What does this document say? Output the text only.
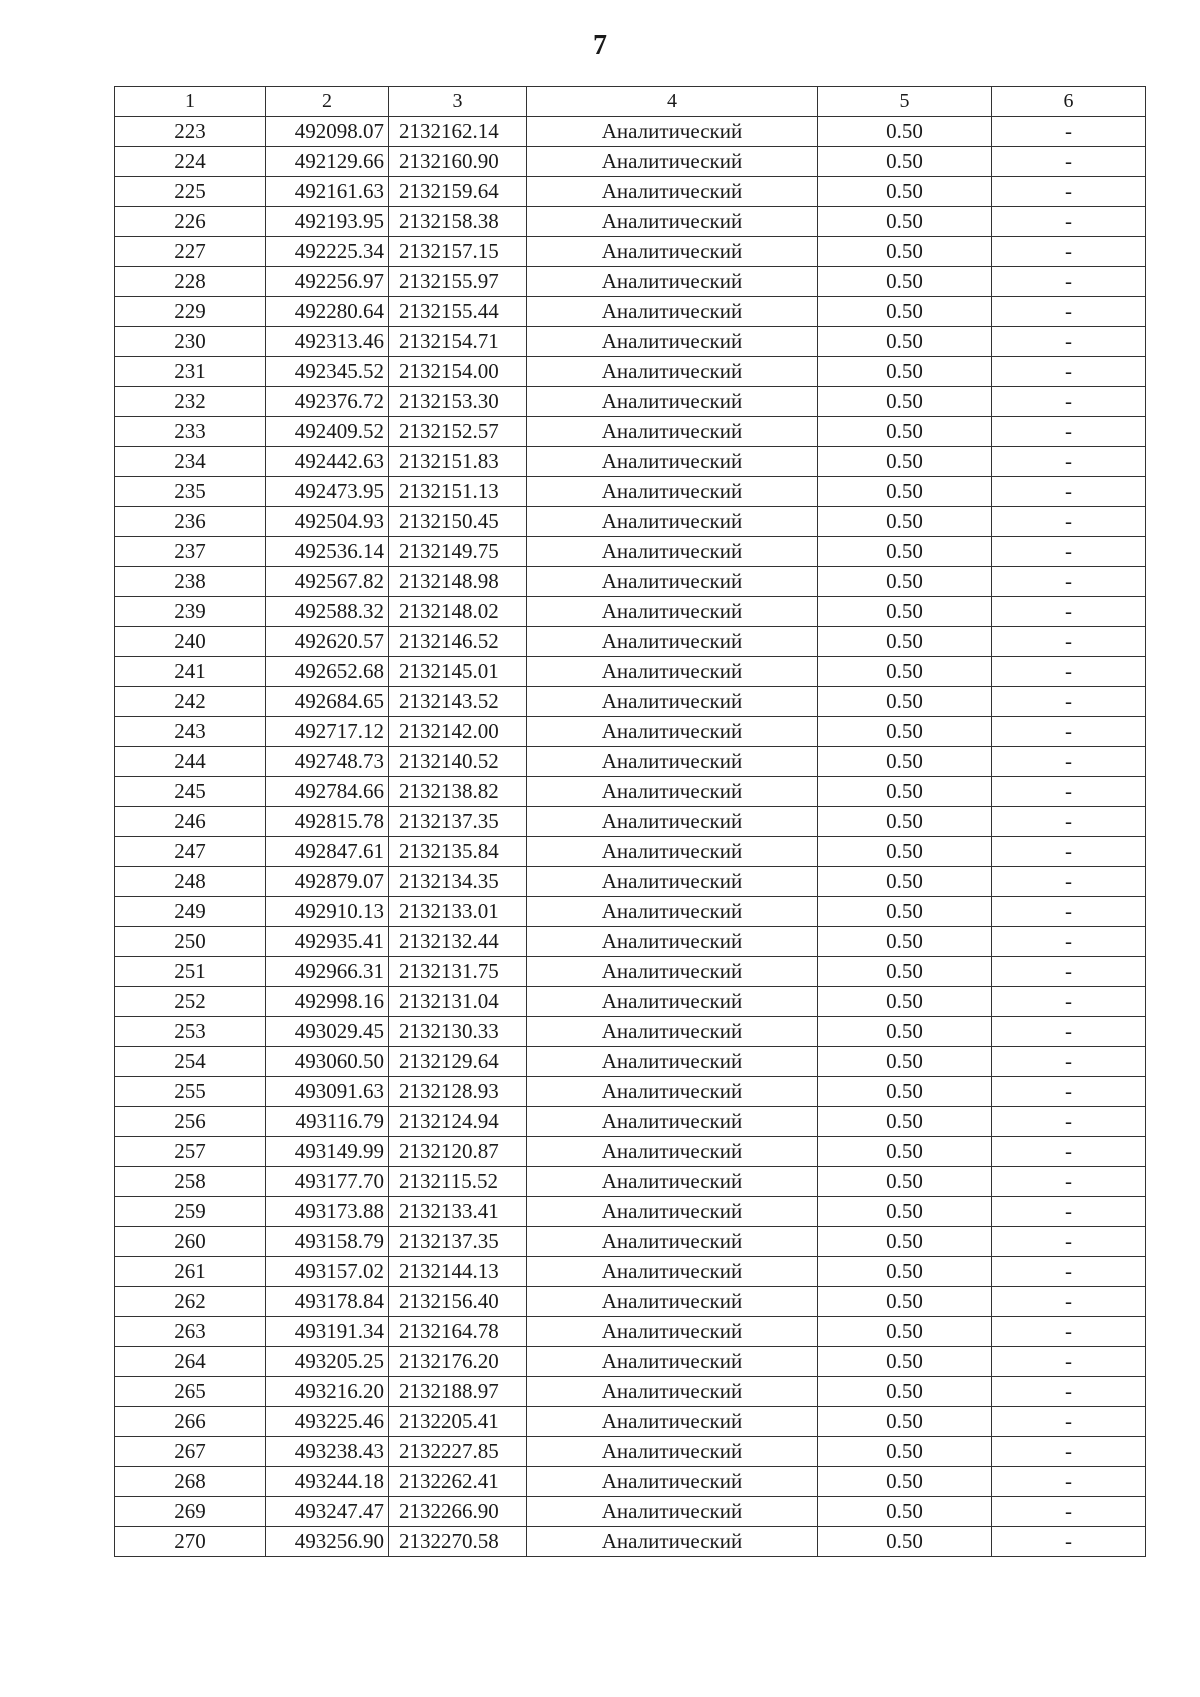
7
1	2	3	4	5	6
223	492098.07	2132162.14	Аналитический	0.50	-
224	492129.66	2132160.90	Аналитический	0.50	-
225	492161.63	2132159.64	Аналитический	0.50	-
226	492193.95	2132158.38	Аналитический	0.50	-
227	492225.34	2132157.15	Аналитический	0.50	-
228	492256.97	2132155.97	Аналитический	0.50	-
229	492280.64	2132155.44	Аналитический	0.50	-
230	492313.46	2132154.71	Аналитический	0.50	-
231	492345.52	2132154.00	Аналитический	0.50	-
232	492376.72	2132153.30	Аналитический	0.50	-
233	492409.52	2132152.57	Аналитический	0.50	-
234	492442.63	2132151.83	Аналитический	0.50	-
235	492473.95	2132151.13	Аналитический	0.50	-
236	492504.93	2132150.45	Аналитический	0.50	-
237	492536.14	2132149.75	Аналитический	0.50	-
238	492567.82	2132148.98	Аналитический	0.50	-
239	492588.32	2132148.02	Аналитический	0.50	-
240	492620.57	2132146.52	Аналитический	0.50	-
241	492652.68	2132145.01	Аналитический	0.50	-
242	492684.65	2132143.52	Аналитический	0.50	-
243	492717.12	2132142.00	Аналитический	0.50	-
244	492748.73	2132140.52	Аналитический	0.50	-
245	492784.66	2132138.82	Аналитический	0.50	-
246	492815.78	2132137.35	Аналитический	0.50	-
247	492847.61	2132135.84	Аналитический	0.50	-
248	492879.07	2132134.35	Аналитический	0.50	-
249	492910.13	2132133.01	Аналитический	0.50	-
250	492935.41	2132132.44	Аналитический	0.50	-
251	492966.31	2132131.75	Аналитический	0.50	-
252	492998.16	2132131.04	Аналитический	0.50	-
253	493029.45	2132130.33	Аналитический	0.50	-
254	493060.50	2132129.64	Аналитический	0.50	-
255	493091.63	2132128.93	Аналитический	0.50	-
256	493116.79	2132124.94	Аналитический	0.50	-
257	493149.99	2132120.87	Аналитический	0.50	-
258	493177.70	2132115.52	Аналитический	0.50	-
259	493173.88	2132133.41	Аналитический	0.50	-
260	493158.79	2132137.35	Аналитический	0.50	-
261	493157.02	2132144.13	Аналитический	0.50	-
262	493178.84	2132156.40	Аналитический	0.50	-
263	493191.34	2132164.78	Аналитический	0.50	-
264	493205.25	2132176.20	Аналитический	0.50	-
265	493216.20	2132188.97	Аналитический	0.50	-
266	493225.46	2132205.41	Аналитический	0.50	-
267	493238.43	2132227.85	Аналитический	0.50	-
268	493244.18	2132262.41	Аналитический	0.50	-
269	493247.47	2132266.90	Аналитический	0.50	-
270	493256.90	2132270.58	Аналитический	0.50	-
